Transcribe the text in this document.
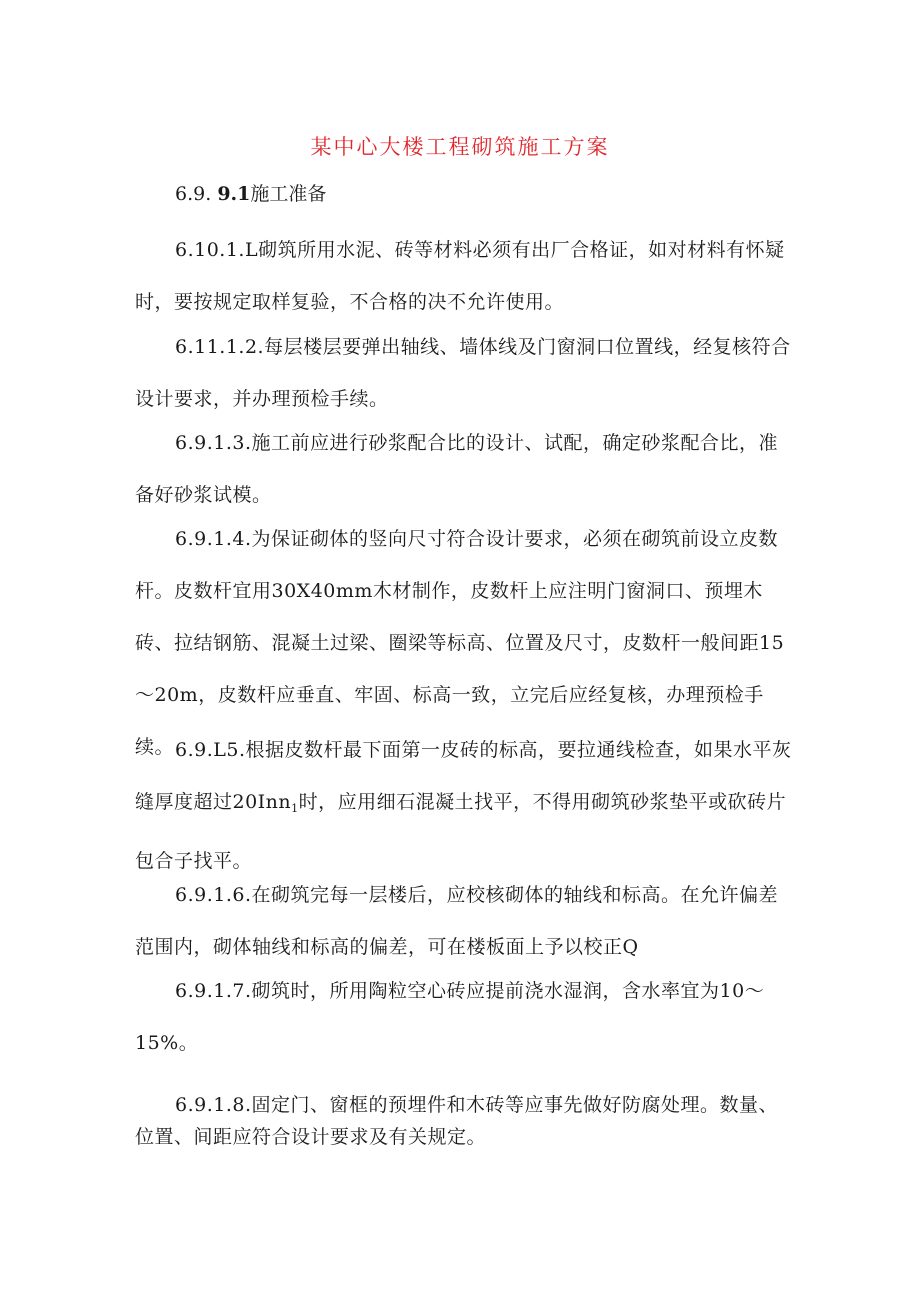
某中心大楼工程砌筑施工方案
6.9. 9.1施工准备

6.10.1.L砌筑所用水泥、砖等材料必须有出厂合格证，如对材料有怀疑时，要按规定取样复验，不合格的决不允许使用。

6.11.1.2.每层楼层要弹出轴线、墙体线及门窗洞口位置线，经复核符合设计要求，并办理预检手续。

6.9.1.3.施工前应进行砂浆配合比的设计、试配，确定砂浆配合比，准备好砂浆试模。

6.9.1.4.为保证砌体的竖向尺寸符合设计要求，必须在砌筑前设立皮数杆。皮数杆宜用30X40mm木材制作，皮数杆上应注明门窗洞口、预埋木砖、拉结钢筋、混凝土过梁、圈梁等标高、位置及尺寸，皮数杆一般间距15～20m，皮数杆应垂直、牢固、标高一致，立完后应经复核，办理预检手续。 6.9.L5.根据皮数杆最下面第一皮砖的标高，要拉通线检查，如果水平灰缝厚度超过20Inn$_1$时，应用细石混凝土找平，不得用砌筑砂浆垫平或砍砖片包合子找平。

6.9.1.6.在砌筑完每一层楼后，应校核砌体的轴线和标高。在允许偏差范围内，砌体轴线和标高的偏差，可在楼板面上予以校正Q

6.9.1.7.砌筑时，所用陶粒空心砖应提前浇水湿润，含水率宜为10～15%。

6.9.1.8.固定门、窗框的预埋件和木砖等应事先做好防腐处理。数量、位置、间距应符合设计要求及有关规定。
